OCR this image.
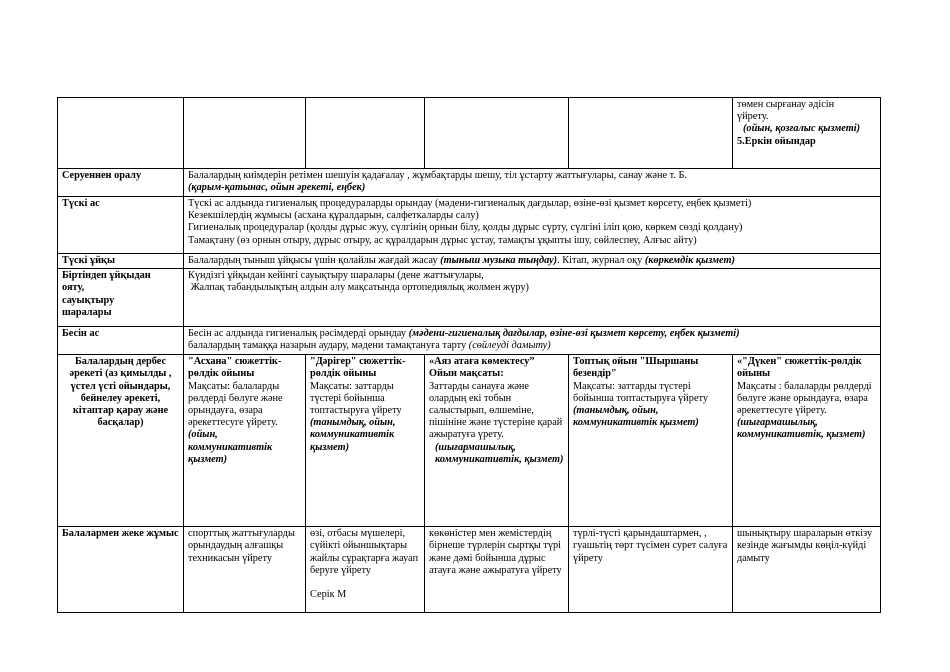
					төмен сырғанау әдісін
үйрету.
(ойын, қозғалыс қызметі)
5.Еркін ойындар

Серуеннен оралу	Балалардың киімдерін ретімен шешуін қадағалау , жұмбақтарды шешу, тіл ұстарту жаттығулары, санау және т. Б.
(қарым-қатынас, ойын әрекеті, еңбек)				

Түскі ас	Түскі ас алдында гигиеналық процедураларды орындау (мәдени-гигиеналық дағдылар, өзіне-өзі қызмет көрсету, еңбек қызметі)
Кезекшілердің жұмысы (асхана құралдарын, салфеткаларды салу)
Гигиеналық процедуралар (қолды дұрыс жуу, сүлгінің орнын білу, қолды дұрыс сүрту, сүлгіні іліп қою, көркем сөзді қолдану)
Тамақтану (өз орнын отыру, дұрыс отыру, ас құралдарын дұрыс ұстау, тамақты ұқыпты ішу, сөйлеспеу, Алғыс айту)				

Түскі ұйқы	Балалардың тыныш ұйқысы үшін қолайлы жағдай жасау (тыныш музыка тыңдау). Кітап, журнал оқу (көркемдік қызмет)				

Біртіндеп ұйқыдан
ояту,
сауықтыру
шаралары	Күндізгі ұйқыдан кейінгі сауықтыру шаралары (дене жаттығулары,
Жалпақ табандылықтың алдын алу мақсатында ортопедиялық жолмен жүру)				

Бесін ас	Бесін ас алдында гигиеналық рәсімдерді орындау (мәдени-гигиеналық дағдылар, өзіне-өзі қызмет көрсету, еңбек қызметі)
балалардың тамаққа назарын аудару, мәдени тамақтануға тарту (сөйлеуді дамыту)				

Балалардың дербес әрекеті (аз қимылды , үстел үсті ойындары, бейнелеу әрекеті, кітаптар қарау және басқалар)	"Асхана" сюжеттік-рөлдік ойыны
Мақсаты: балаларды рөлдерді бөлуге және орындауға, өзара әрекеттесуге үйрету.
(ойын, коммуникативтік қызмет)	"Дәрігер" сюжеттік-рөлдік ойыны
Мақсаты: заттарды түстері бойынша топтастыруға үйрету
(танымдық, ойын, коммуникативтік қызмет)	«Аяз атаға көмектесу”
Ойын мақсаты:
Заттарды санауға және олардың екі тобын салыстырып, өлшеміне, пішініне және түстеріне қарай ажыратуға үрету.
(шығармашылық, коммуникативтік, қызмет)	Топтық ойын "Шыршаны безендір"
Мақсаты: заттарды түстері бойынша топтастыруға үйрету
(танымдық, ойын, коммуникативтік қызмет)	«"Дүкен" сюжеттік-рөлдік ойыны
Мақсаты : балаларды рөлдерді бөлуге және орындауға, өзара әрекеттесуге үйрету.
(шығармашылық, коммуникативтік, қызмет)

Балалармен жеке жұмыс	спорттық жаттығуларды орындаудың алғашқы техникасын үйрету	өзі, отбасы мүшелері, сүйікті ойыншықтары жайлы сұрақтарға жауап беруге үйрету
Серік М	көкөністер мен жемістердің бірнеше түрлерін сыртқы түрі және дәмі бойынша дұрыс атауға және ажыратуға үйрету	түрлі-түсті қарындаштармен, , гуашьтің төрт түсімен сурет салуға үйрету	шынықтыру шараларын өткізу кезінде жағымды көңіл-күйді дамыту
